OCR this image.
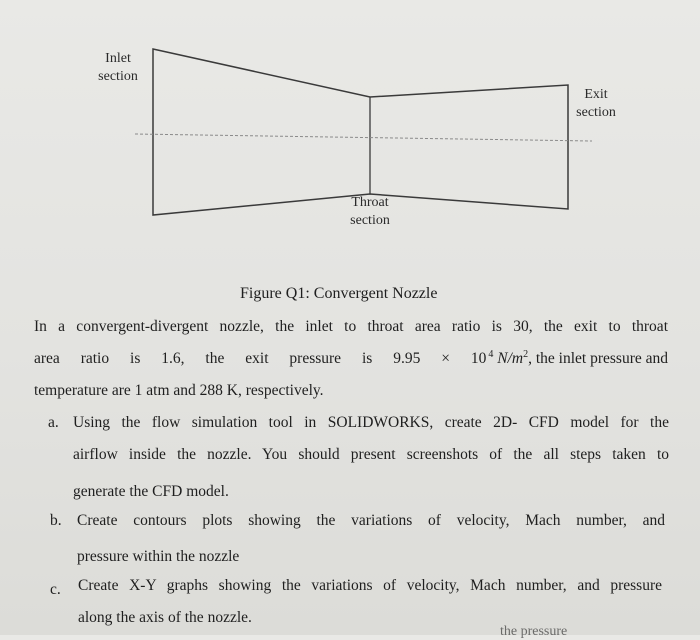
Inlet
section
Exit
section
Throat
section
Figure Q1: Convergent Nozzle
In a convergent-divergent nozzle, the inlet to throat area ratio is 30, the exit to throat
area ratio is 1.6, the exit pressure is 9.95 × 10 $^4$ $N/m^2$, the inlet pressure and
temperature are 1 atm and 288 K, respectively.
a. Using the flow simulation tool in SOLIDWORKS, create 2D- CFD model for the
airflow inside the nozzle. You should present screenshots of the all steps taken to
generate the CFD model.
b. Create contours plots showing the variations of velocity, Mach number, and
pressure within the nozzle
c. Create X-Y graphs showing the variations of velocity, Mach number, and pressure
along the axis of the nozzle.
the pressure
